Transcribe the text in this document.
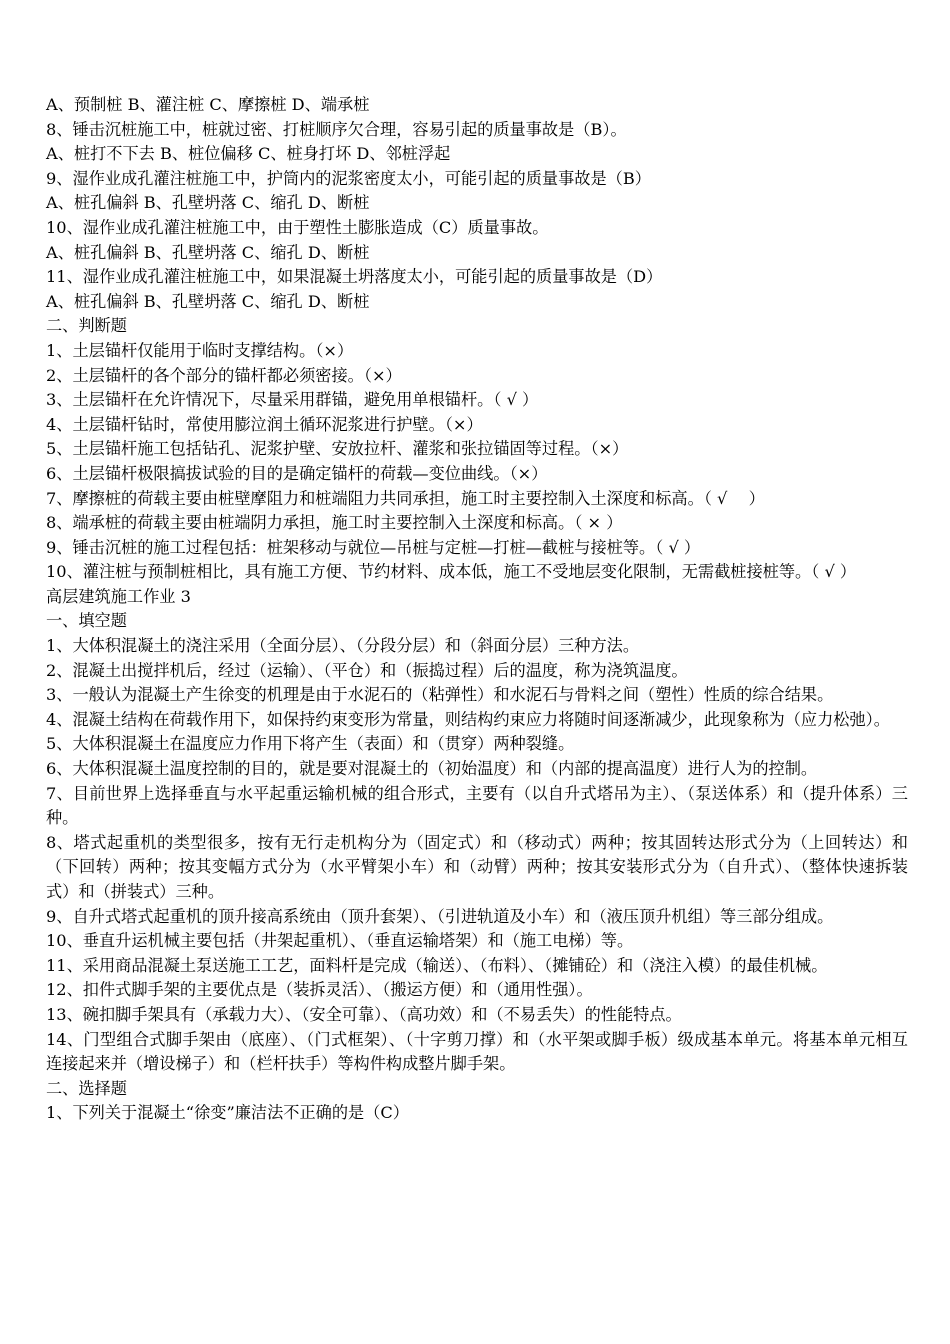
A、预制桩 B、灌注桩 C、摩擦桩 D、端承桩
8、锤击沉桩施工中，桩就过密、打桩顺序欠合理，容易引起的质量事故是（B）。
A、桩打不下去 B、桩位偏移 C、桩身打坏 D、邻桩浮起
9、湿作业成孔灌注桩施工中，护筒内的泥浆密度太小，可能引起的质量事故是（B）
A、桩孔偏斜 B、孔壁坍落 C、缩孔 D、断桩
10、湿作业成孔灌注桩施工中，由于塑性土膨胀造成（C）质量事故。
A、桩孔偏斜 B、孔壁坍落 C、缩孔 D、断桩
11、湿作业成孔灌注桩施工中，如果混凝土坍落度太小，可能引起的质量事故是（D）
A、桩孔偏斜 B、孔壁坍落 C、缩孔 D、断桩
二、判断题
1、土层锚杆仅能用于临时支撑结构。（×）
2、土层锚杆的各个部分的锚杆都必须密接。（×）
3、土层锚杆在允许情况下，尽量采用群锚，避免用单根锚杆。（ √ ）
4、土层锚杆钻时，常使用膨泣润土循环泥浆进行护壁。（×）
5、土层锚杆施工包括钻孔、泥浆护壁、安放拉杆、灌浆和张拉锚固等过程。（×）
6、土层锚杆极限搞拔试验的目的是确定锚杆的荷载—变位曲线。（×）
7、摩擦桩的荷载主要由桩壁摩阻力和桩端阻力共同承担，施工时主要控制入土深度和标高。（ √ 　）
8、端承桩的荷载主要由桩端阴力承担，施工时主要控制入土深度和标高。（ × ）
9、锤击沉桩的施工过程包括：桩架移动与就位—吊桩与定桩—打桩—截桩与接桩等。（ √ ）
10、灌注桩与预制桩相比，具有施工方便、节约材料、成本低，施工不受地层变化限制，无需截桩接桩等。（ √ ）
高层建筑施工作业 3
一、填空题
1、大体积混凝土的浇注采用（全面分层）、（分段分层）和（斜面分层）三种方法。
2、混凝土出搅拌机后，经过（运输）、（平仓）和（振捣过程）后的温度，称为浇筑温度。
3、一般认为混凝土产生徐变的机理是由于水泥石的（粘弹性）和水泥石与骨料之间（塑性）性质的综合结果。
4、混凝土结构在荷载作用下，如保持约束变形为常量，则结构约束应力将随时间逐渐减少，此现象称为（应力松弛）。
5、大体积混凝土在温度应力作用下将产生（表面）和（贯穿）两种裂缝。
6、大体积混凝土温度控制的目的，就是要对混凝土的（初始温度）和（内部的提高温度）进行人为的控制。
7、目前世界上选择垂直与水平起重运输机械的组合形式，主要有（以自升式塔吊为主）、（泵送体系）和（提升体系）三种。
8、塔式起重机的类型很多，按有无行走机构分为（固定式）和（移动式）两种；按其固转达形式分为（上回转达）和（下回转）两种；按其变幅方式分为（水平臂架小车）和（动臂）两种；按其安装形式分为（自升式）、（整体快速拆装式）和（拼装式）三种。
9、自升式塔式起重机的顶升接高系统由（顶升套架）、（引进轨道及小车）和（液压顶升机组）等三部分组成。
10、垂直升运机械主要包括（井架起重机）、（垂直运输塔架）和（施工电梯）等。
11、采用商品混凝土泵送施工工艺，面料杆是完成（输送）、（布料）、（摊铺砼）和（浇注入模）的最佳机械。
12、扣件式脚手架的主要优点是（装拆灵活）、（搬运方便）和（通用性强）。
13、碗扣脚手架具有（承载力大）、（安全可靠）、（高功效）和（不易丢失）的性能特点。
14、门型组合式脚手架由（底座）、（门式框架）、（十字剪刀撑）和（水平架或脚手板）级成基本单元。将基本单元相互连接起来并（增设梯子）和（栏杆扶手）等构件构成整片脚手架。
二、选择题
1、下列关于混凝土“徐变”廉洁法不正确的是（C）
